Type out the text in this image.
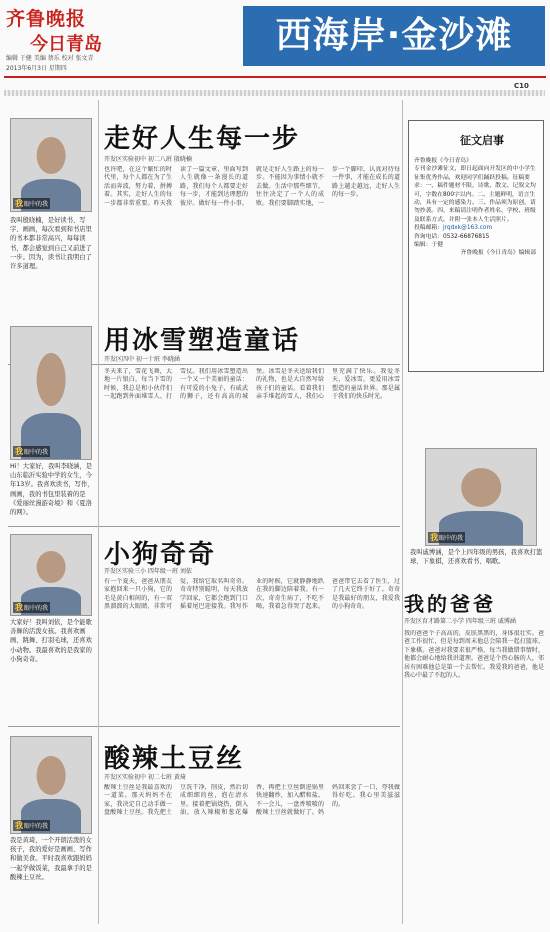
齐鲁晚报
今日青岛
编辑 于健 美编 蔡乐 校对 张文青
2013年6月3日 星期四
西海岸·金沙滩
C10
走好人生每一步
开发区实验初中 初二八班 殷晓楠
我眼中的我
我叫殷晓楠，是好读书、写字、画画，每次看到和书店里的书本都非常高兴，每每读书，都会感觉到自己又前进了一步。因为，读书让我明白了许多道理。
也许吧，在这个繁忙的时代里，每个人都在为了生活而奔波，努力着，拼搏着。其实，走好人生的每一步都非常重要。昨天我读了一篇文章，里面写到人生就像一条漫长的道路，我们每个人都要走好每一步，才能到达理想的彼岸。做好每一件小事，就是走好人生路上的每一步。不能因为事情小就不去做。生活中那些细节，往往决定了一个人的成败。我们要脚踏实地，一步一个脚印，认真对待每一件事，才能在成长的道路上越走越远，走好人生的每一步。
征文启事
齐鲁晚报《今日青岛》
专刊金沙滩征文，即日起面向开发区的中小学生征集优秀作品，欢迎同学们踊跃投稿。征稿要求：一、稿件题材不限，诗歌、散文、记叙文均可，字数在800字以内。二、主题鲜明，语言生动，具有一定的感染力。三、作品须为原创，请勿抄袭。四、来稿请注明作者姓名、学校、班级及联系方式，并附一张本人生活照片。
投稿邮箱：jrqdxk@163.com
咨询电话：0532-66876815
编辑：于健
齐鲁晚报《今日青岛》编辑部
用冰雪塑造童话
开发区四中 初一十班 李晓涵
我眼中的我
Hi！大家好，我叫李晓涵，是山东临沂实验中学的女生，今年13岁。我喜欢读书，写作，画画，我的书包里装着的是《爱丽丝漫游奇境》和《夏洛的网》。
冬天来了，雪花飞舞，大地一片银白。每当下雪的时候，我总是和小伙伴们一起跑到外面堆雪人、打雪仗。我们用冰雪塑造出一个又一个美丽的童话：有可爱的小兔子，有威武的狮子，还有高高的城堡。冰雪是冬天送给我们的礼物，也是大自然写给孩子们的童话。看着我们亲手堆起的雪人，我们心里充满了快乐。我爱冬天，爱冰雪，更爱用冰雪塑造的童话世界。那是属于我们的快乐时光。
我眼中的我
我叫戚博涵，是个上四年级的男孩，我喜欢打篮球、下象棋，还喜欢看书、唱歌。
我的爸爸
开发区育才路第二小学 四年级三班 戚博涵
我的爸爸个子高高的，皮肤黑黑的，身体很壮实。爸爸工作很忙，但是每到周末他总会陪我一起打篮球、下象棋。爸爸对我要求很严格，每当我做错事情时，他都会耐心地给我讲道理。爸爸是个热心肠的人，邻居有困难他总是第一个去帮忙。我爱我的爸爸，他是我心中最了不起的人。
小狗奇奇
开发区实验三小 四年级一班 刘依
我眼中的我
大家好！我叫刘依，是个能歌善舞的活泼女孩。我喜欢画画、跳舞、打羽毛球，还喜欢小动物。我最喜欢的是我家的小狗奇奇。
有一个夏天，爸爸从朋友家抱回来一只小狗，它的毛是黄白相间的，有一双黑溜溜的大眼睛，非常可爱，我给它取名叫奇奇。奇奇特别聪明，每天我放学回家，它都会跑到门口摇着尾巴迎接我。我写作业的时候，它就静静地趴在我的脚边陪着我。有一次，奇奇生病了，不吃不喝，我着急得哭了起来。爸爸带它去看了医生，过了几天它终于好了。奇奇是我最好的朋友，我爱我的小狗奇奇。
酸辣土豆丝
开发区实验初中 初二七班 黄琦
我眼中的我
我是黄琦，一个开朗活泼的女孩子，我的爱好是画画、写作和做美食。平时我喜欢跟妈妈一起学做饭菜，我最拿手的是酸辣土豆丝。
酸辣土豆丝是我最喜欢的一道菜。那天妈妈不在家，我决定自己动手做一盘酸辣土豆丝。我先把土豆洗干净，削皮，然后切成细细的丝，泡在清水里。接着把锅烧热，倒入油，放入辣椒和葱花爆香，再把土豆丝倒进锅里快速翻炒，加入醋和盐。不一会儿，一盘香喷喷的酸辣土豆丝就做好了。妈妈回来尝了一口，夸我做得好吃。我心里美滋滋的。
